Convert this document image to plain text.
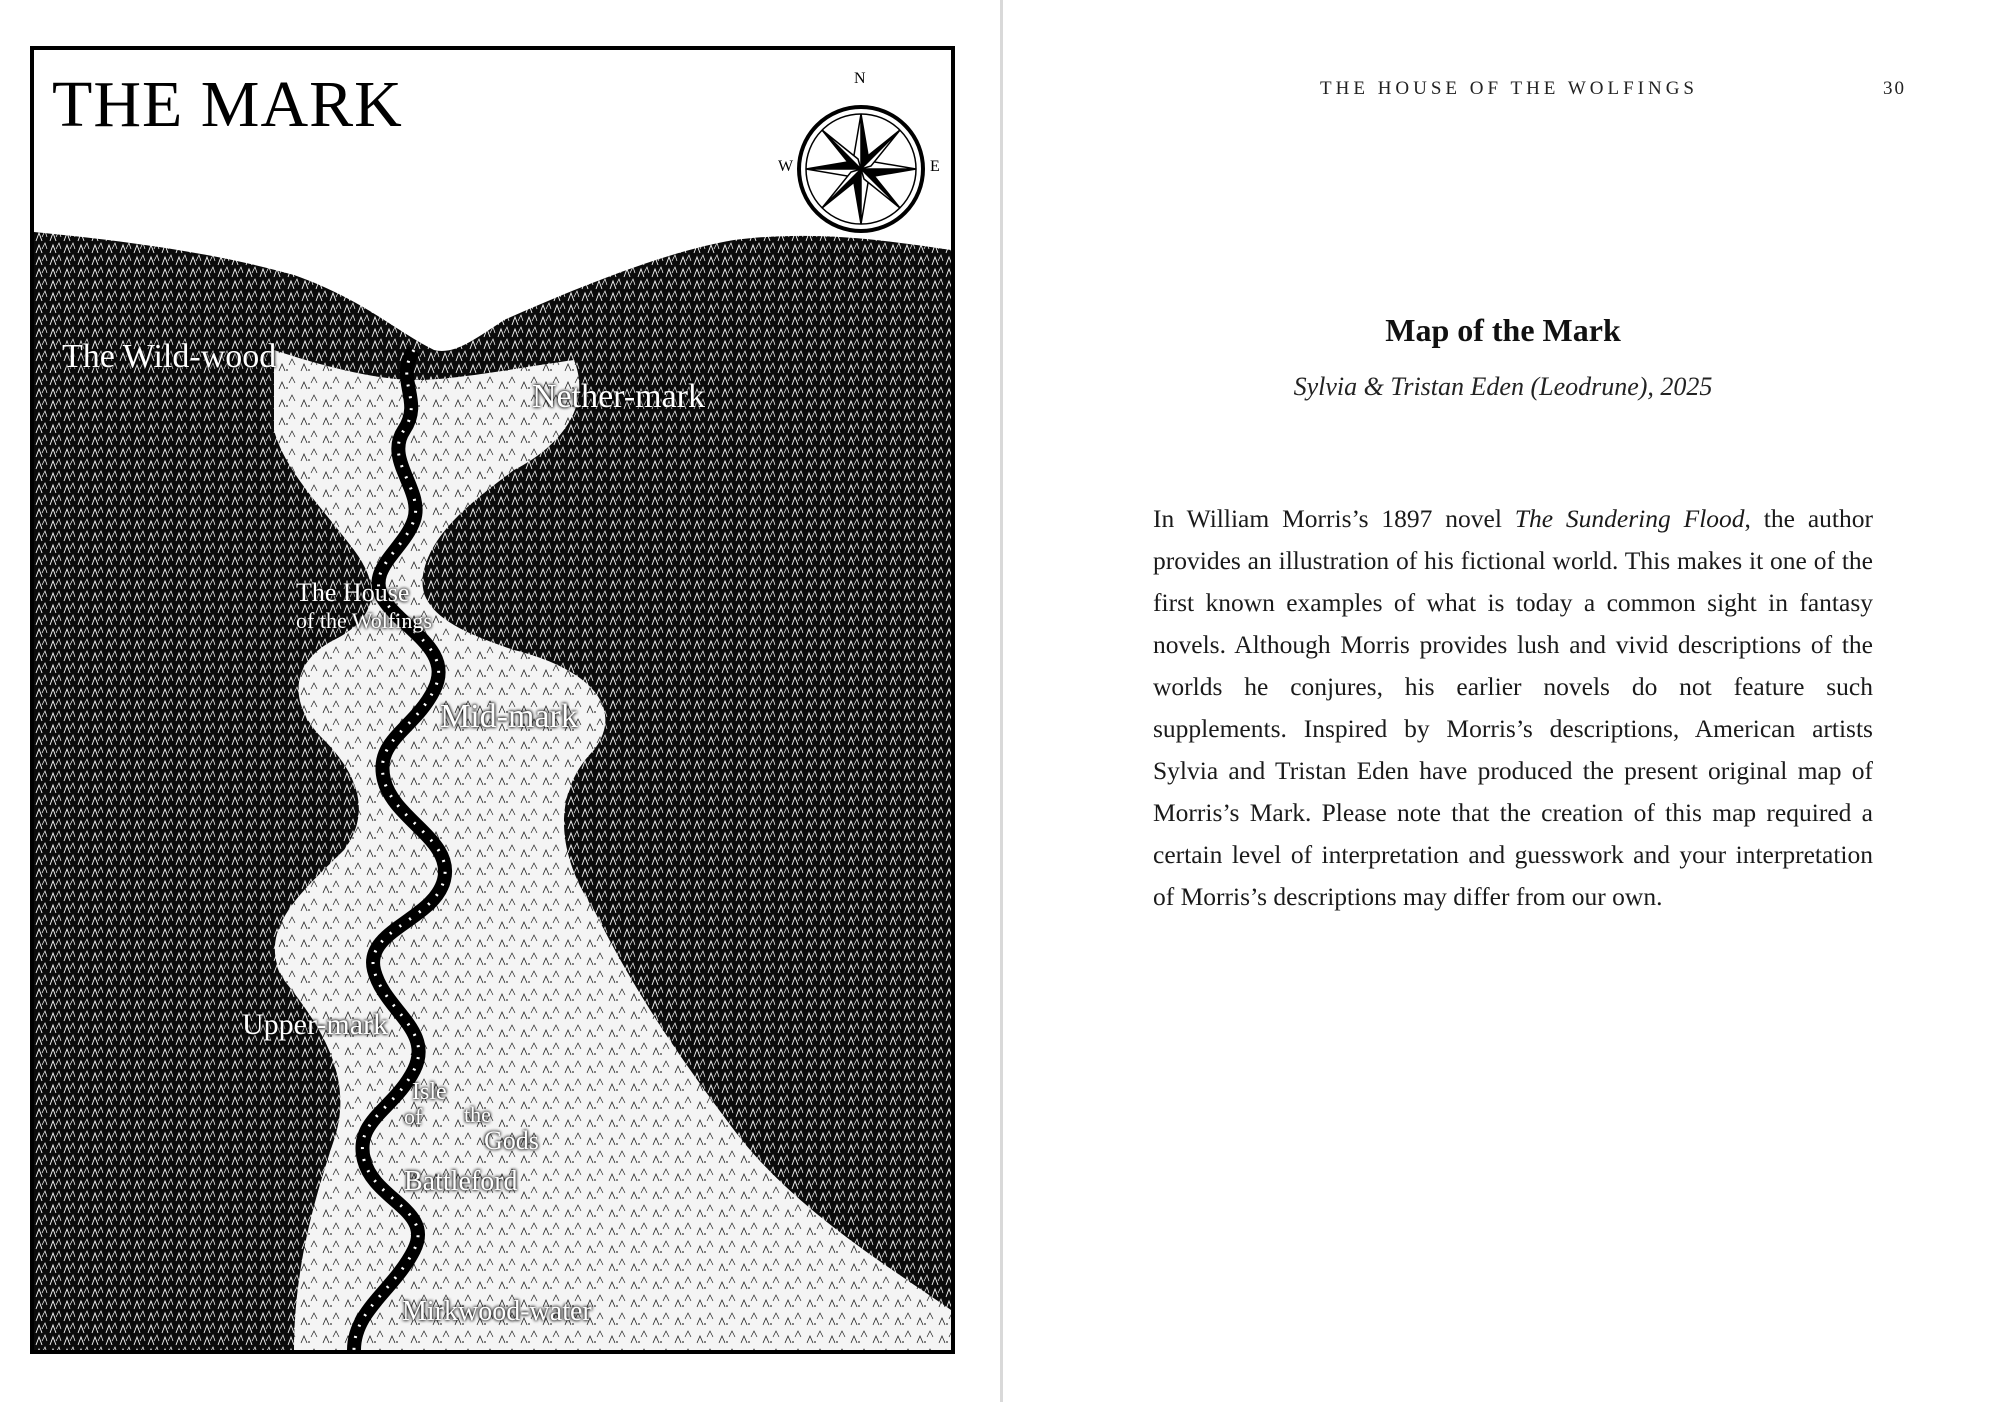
THE MARK	N
S
W	E
The Wild-wood
Nether-mark
The House
of the Wolfings
Mid-mark
Upper-mark
Isle
of the
Gods
Battleford
Mirkwood-water
THE HOUSE OF THE WOLFINGS	30
Map of the Mark
Sylvia & Tristan Eden (Leodrune), 2025

In William Morris’s 1897 novel The Sundering Flood, the author provides an illustration of his fictional world. This makes it one of the first known examples of what is today a common sight in fantasy novels. Although Morris provides lush and vivid descriptions of the worlds he conjures, his earlier novels do not feature such supplements. Inspired by Morris’s descriptions, American artists Sylvia and Tristan Eden have produced the present original map of Morris’s Mark. Please note that the creation of this map required a certain level of interpretation and guesswork and your interpretation of Morris’s descriptions may differ from our own.
